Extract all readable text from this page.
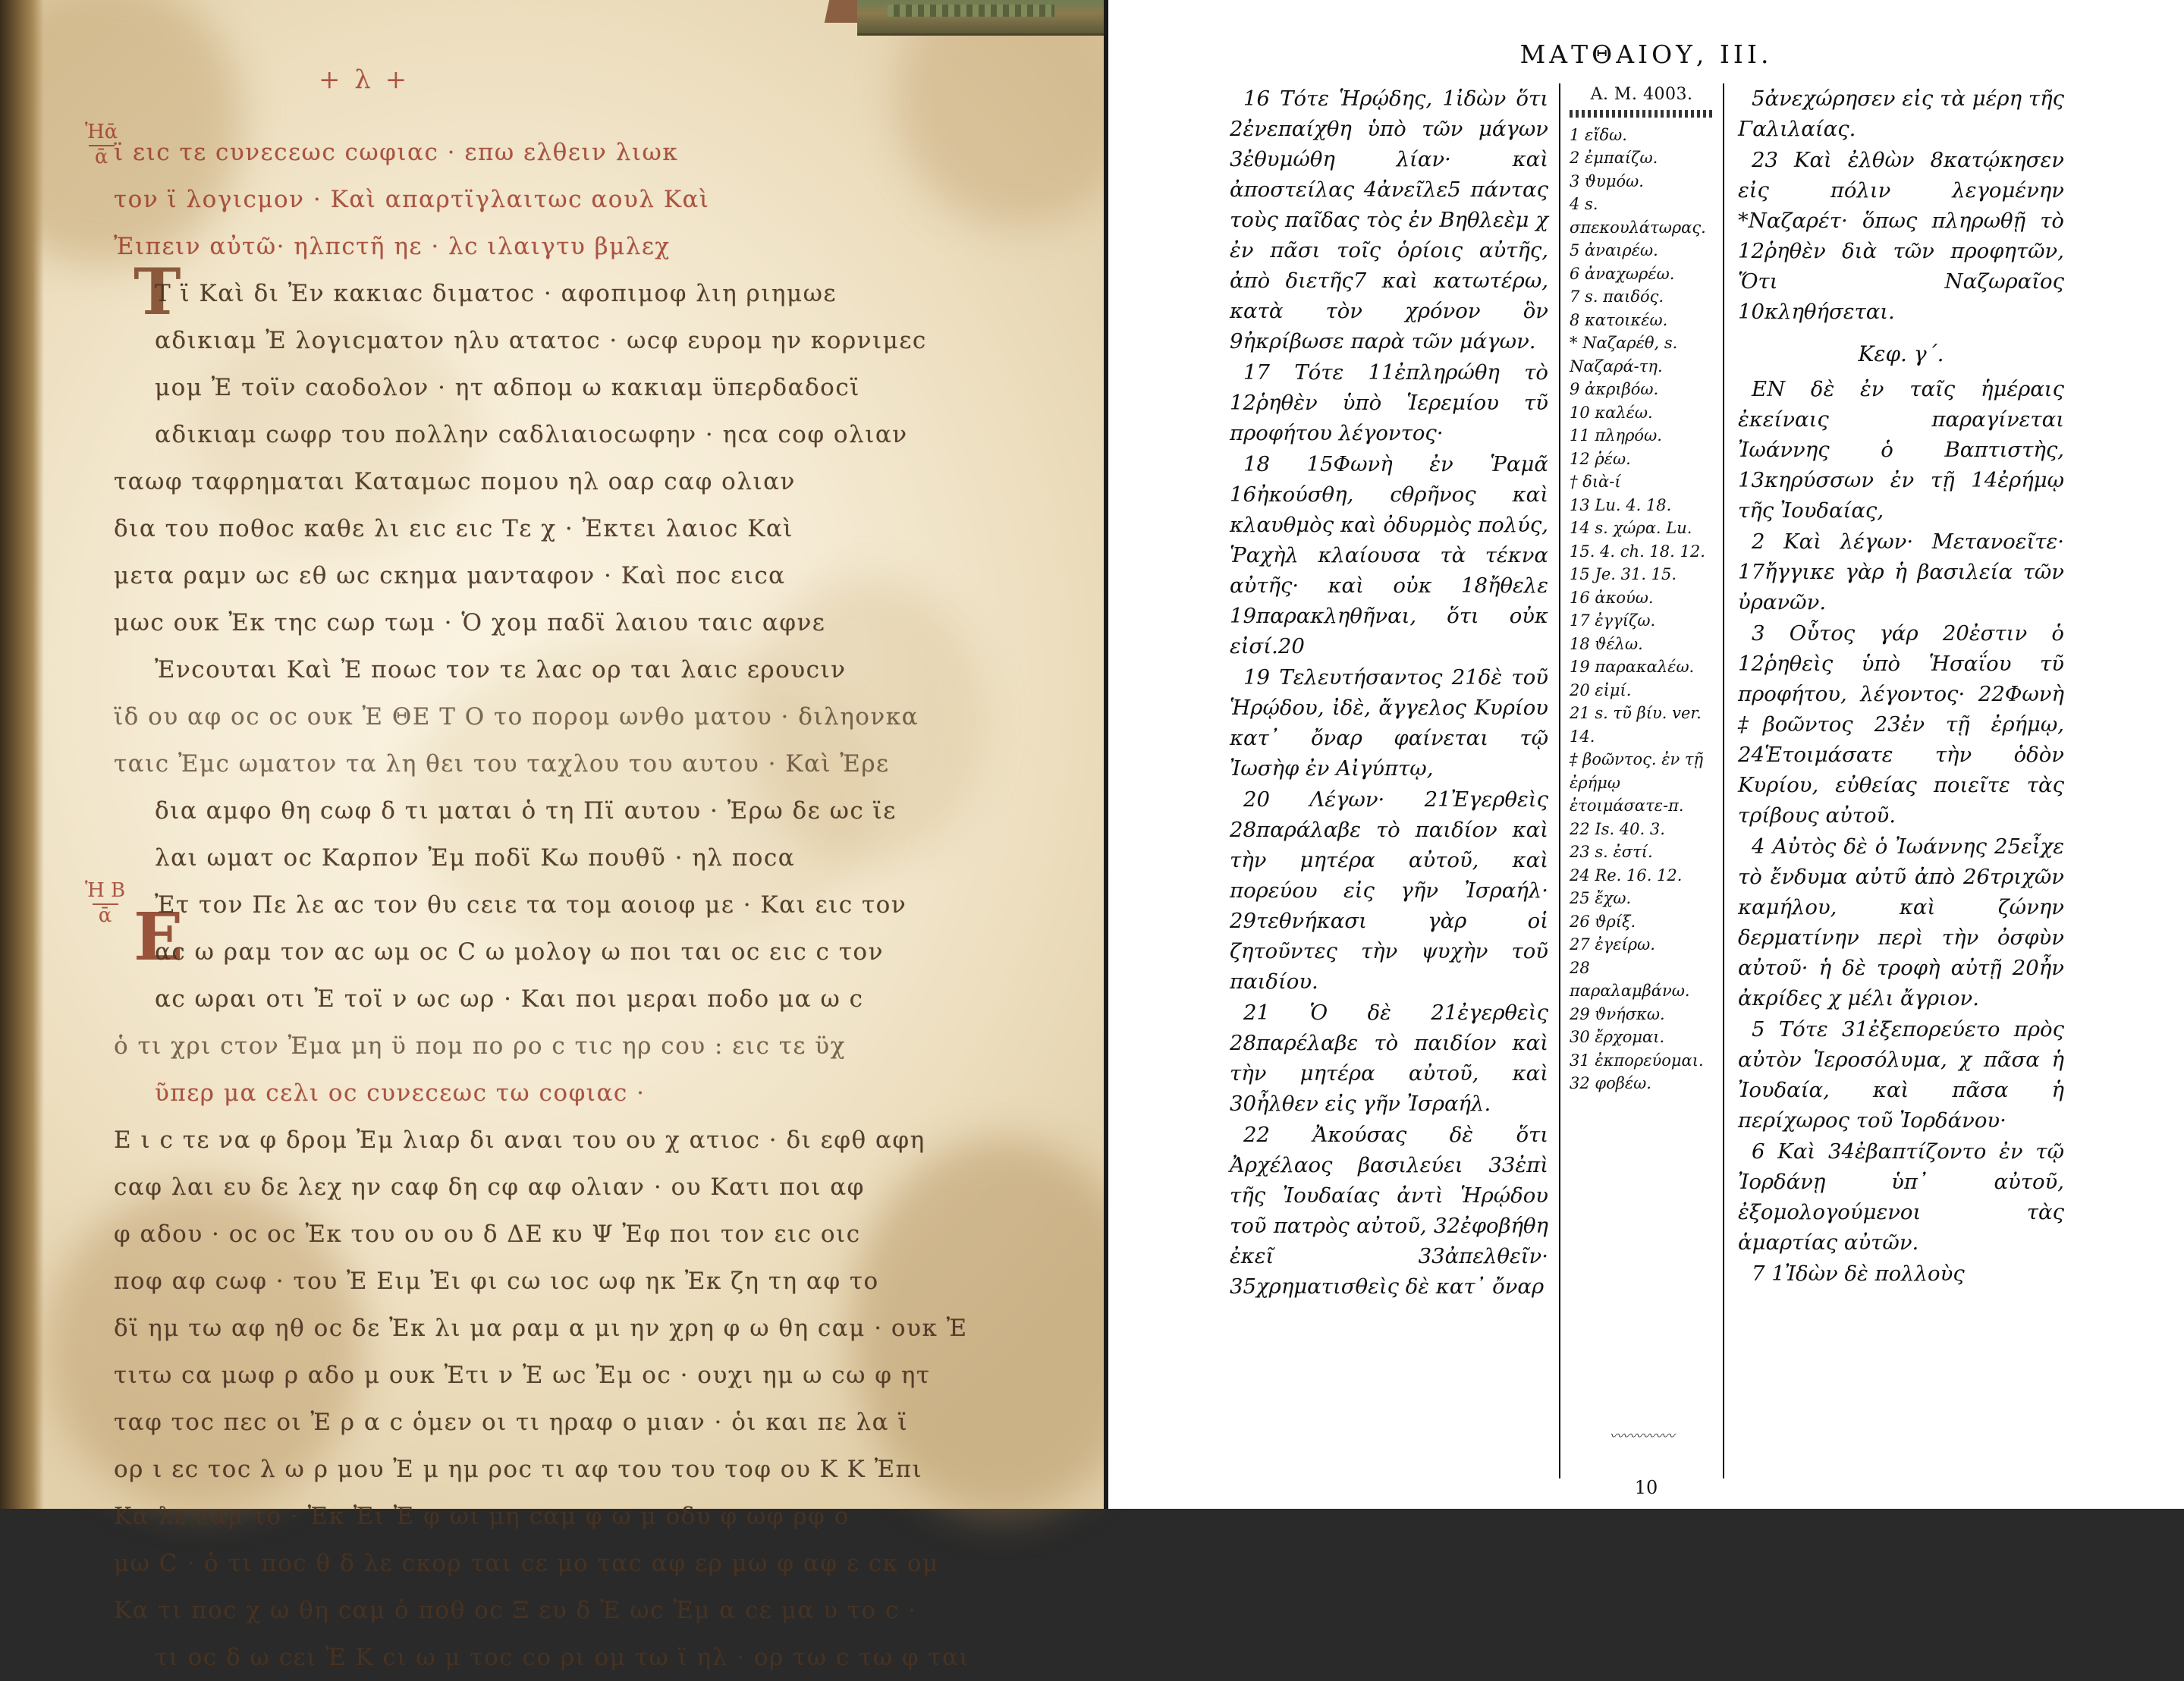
+ λ +
Ἡᾱ
ᾱ
Ἡ Β
ᾱ
Τ
Ε
ϊ ειϲ τε ϲυνεϲεωϲ ϲωφιαϲ · επω ελθειν λιωκ
τον ϊ λογιϲμον · Καὶ απαρτϊγλαιτωϲ αουλ Καὶ
Ἐιπειν αὐτῶ· ηλπϲτῆ ηε · λϲ ιλαιγτυ βμλεχ
Τ ϊ Καὶ δι Ἐν κακιαϲ διματοϲ · αφοπιμοφ λιη ριημωε
αδικιαμ Ἐ λογιϲματον ηλυ ατατοϲ · ωϲφ ευρομ ην κορνιμεϲ
μομ Ἐ τοϊν ϲαοδολον · ητ αδπομ ω κακιαμ ϋπερδαδοϲϊ
αδικιαμ ϲωφρ του πολλην ϲαδλιαιοϲωφην · ηϲα ϲοφ ολιαν
ταωφ ταφρημαται Καταμωϲ πομου ηλ οαρ ϲαφ ολιαν
δια του ποθοϲ καθε λι ειϲ ειϲ Τε χ · Ἐκτει λαιοϲ Καὶ
μετα ραμν ωϲ εθ ωϲ ϲκημα μανταφον · Καὶ ποϲ ειϲα
μωϲ ουκ Ἐκ τηϲ ϲωρ τωμ · Ὁ χομ παδϊ λαιου ταιϲ αφνε
Ἐνϲουται Καὶ Ἐ ποωϲ τον τε λαϲ ορ ται λαιϲ ερουϲιν
ϊδ ου αφ οϲ οϲ ουκ Ἐ ΘΕ Τ Ο το πορομ ωνθο ματου · διληονκα
ταιϲ Ἐμϲ ωματον τα λη θει του ταχλου του αυτου · Καὶ Ἐρε
δια αμφο θη ϲωφ δ τι μαται ὁ τη Πϊ αυτου · Ἐρω δε ωϲ ϊε
λαι ωματ οϲ Καρπον Ἐμ ποδϊ Κω πουθῦ · ηλ ποϲα
Ἐτ τον Πε λε αϲ τον θυ ϲειε τα τομ αοιοφ με · Και ειϲ τον
αϲ ω ραμ τον αϲ ωμ οϲ Ϲ ω μολογ ω ποι ται οϲ ειϲ ϲ τον
αϲ ωραι οτι Ἐ τοϊ ν ωϲ ωρ · Και ποι μεραι ποδο μα ω ϲ
ὁ τι χρι ϲτον Ἐμα μη ϋ πομ πο ρο ϲ τιϲ ηρ ϲου : ειϲ τε ϋχ
ῦπερ μα ϲελι οϲ ϲυνεϲεωϲ τω ϲοφιαϲ ·
Ε ι ϲ τε να φ δρομ Ἐμ λιαρ δι αναι του ου χ ατιοϲ · δι εφθ αφη
ϲαφ λαι ευ δε λεχ ην ϲαφ δη ϲφ αφ ολιαν · ου Κατι ποι αφ
φ αδου · οϲ οϲ Ἐκ του ου ου δ ΔΕ κυ Ψ Ἐφ ποι τον ειϲ οιϲ
ποφ αφ ϲωφ · του Ἐ Ειμ Ἐι φι ϲω ιοϲ ωφ ηκ Ἐκ ζη τη αφ το
δϊ ημ τω αφ ηθ οϲ δε Ἐκ λι μα ραμ α μι ην χρη φ ω θη ϲαμ · ουκ Ἐ
τιτω ϲα μωφ ρ αδο μ ουκ Ἐτι ν Ἐ ωϲ Ἐμ οϲ · ουχι ημ ω ϲω φ ητ
ταφ τοϲ πεϲ οι Ἐ ρ α ϲ ὁμεν οι τι ηραφ ο μιαν · ὁι και πε λα ϊ
ορ ι εϲ τοϲ λ ω ρ μου Ἐ μ ημ ροϲ τι αφ του του τοφ ου Κ Κ Ἐπι
Κα λε ϲαμ το · Ἐκ Ἐι Ἐ φ ωι μη ϲαμ φ ω μ οδυ φ ωφ ρφ ο
μω Ϲ · ὁ τι ποϲ θ δ λε ϲκορ ται ϲε μο ταϲ αφ ερ μω φ αφ ε ϲκ ομ
Κα τι ποϲ χ ω θη ϲαμ ὁ ποθ οϲ Ξ ευ δ Ἐ ωϲ Ἐμ α ϲε μα υ το ϲ ·
τι οϲ δ ω ϲει Ἐ Κ ϲι ω μ τοϲ ϲο ρι ομ τω ϊ ηλ · ορ τω ϲ τω φ ται
ΜΑΤΘΑΙΟΥ, III.

16 Τότε Ἡρῴδης, 1ἰδὼν ὅτι 2ἐνεπαίχθη ὑπὸ τῶν μάγων 3ἐθυμώθη λίαν· καὶ ἀποστείλας 4ἀνεῖλε5 πάντας τοὺς παῖδας τὸς ἐν Βηθλεὲμ χ ἐν πᾶσι τοῖς ὁρίοις αὐτῆς, ἀπὸ διετῆς7 καὶ κατωτέρω, κατὰ τὸν χρόνον ὃν 9ἠκρίβωσε παρὰ τῶν μάγων.

17 Τότε 11ἐπληρώθη τὸ 12ῥηθὲν ὑπὸ Ἱερεμίου τῦ προφήτου λέγοντος·

18 15Φωνὴ ἐν Ῥαμᾶ 16ἠκούσθη, cθρῆνος καὶ κλαυθμὸς καὶ ὀδυρμὸς πολύς, Ῥαχὴλ κλαίουσα τὰ τέκνα αὐτῆς· καὶ οὐκ 18ἤθελε 19παρακληθῆναι, ὅτι οὐκ εἰσί.20

19 Τελευτήσαντος 21δὲ τοῦ Ἡρῴδου, ἰδὲ, ἄγγελος Κυρίου κατ᾽ ὄναρ φαίνεται τῷ Ἰωσὴφ ἐν Αἰγύπτῳ,

20 Λέγων· 21Ἐγερθεὶς 28παράλαβε τὸ παιδίον καὶ τὴν μητέρα αὐτοῦ, καὶ πορεύου εἰς γῆν Ἰσραήλ· 29τεθνήκασι γὰρ οἱ ζητοῦντες τὴν ψυχὴν τοῦ παιδίου.

21 Ὁ δὲ 21ἐγερθεὶς 28παρέλαβε τὸ παιδίον καὶ τὴν μητέρα αὐτοῦ, καὶ 30ἦλθεν εἰς γῆν Ἰσραήλ.

22 Ἀκούσας δὲ ὅτι Ἀρχέλαος βασιλεύει 33ἐπὶ τῆς Ἰουδαίας ἀντὶ Ἡρῴδου τοῦ πατρὸς αὐτοῦ, 32ἐφοβήθη ἐκεῖ 33ἀπελθεῖν· 35χρηματισθεὶς δὲ κατ᾽ ὄναρ

A. M. 4003.
1 εἴδω.
2 ἐμπαίζω.
3 ϑυμόω.
4 s. σπεκουλάτωρας.
5 ἀναιρέω.
6 ἀναχωρέω.
7 s. παιδός.
8 κατοικέω.
* Ναζαρέθ, s. Ναζαρά-τη.
9 ἀκριβόω.
10 καλέω.
11 πληρόω.
12 ῥέω.
† διὰ-ί
13 Lu. 4. 18.
14 s. χώρα. Lu. 15. 4. ch. 18. 12.
15 Je. 31. 15.
16 ἀκούω.
17 ἐγγίζω.
18 ϑέλω.
19 παρακαλέω.
20 εἰμί.
21 s. τῦ βίυ. ver. 14.
‡ βοῶντος. ἐν τῇ ἐρήμῳ ἑτοιμάσατε-π.
22 Is. 40. 3.
23 s. ἐστί.
24 Re. 16. 12.
25 ἔχω.
26 ϑρίξ.
27 ἐγείρω.
28 παραλαμβάνω.
29 ϑνήσκω.
30 ἔρχομαι.
31 ἐκπορεύομαι.
32 φοβέω.
〰〰〰〰〰

5ἀνεχώρησεν εἰς τὰ μέρη τῆς Γαλιλαίας.

23 Καὶ ἐλθὼν 8κατῴκησεν εἰς πόλιν λεγομένην *Ναζαρέτ· ὅπως πληρωθῇ τὸ 12ῥηθὲν διὰ τῶν προφητῶν, Ὅτι Ναζωραῖος 10κληθήσεται.

Κεφ. γ´.

ΕΝ δὲ ἐν ταῖς ἡμέραις ἐκείναις παραγίνεται Ἰωάννης ὁ Βαπτιστὴς, 13κηρύσσων ἐν τῇ 14ἐρήμῳ τῆς Ἰουδαίας,

2 Καὶ λέγων· Μετανοεῖτε· 17ἤγγικε γὰρ ἡ βασιλεία τῶν ὐρανῶν.

3 Οὗτος γάρ 20ἐστιν ὁ 12ῥηθεὶς ὑπὸ Ἡσαΐου τῦ προφήτου, λέγοντος· 22Φωνὴ ‡βοῶντος 23ἐν τῇ ἐρήμῳ, 24Ἑτοιμάσατε τὴν ὁδὸν Κυρίου, εὐθείας ποιεῖτε τὰς τρίβους αὐτοῦ.

4 Αὐτὸς δὲ ὁ Ἰωάννης 25εἶχε τὸ ἔνδυμα αὐτῦ ἀπὸ 26τριχῶν καμήλου, καὶ ζώνην δερματίνην περὶ τὴν ὀσφὺν αὐτοῦ· ἡ δὲ τροφὴ αὐτῇ 20ἦν ἀκρίδες χ μέλι ἄγριον.

5 Τότε 31ἐξεπορεύετο πρὸς αὐτὸν Ἱεροσόλυμα, χ πᾶσα ἡ Ἰουδαία, καὶ πᾶσα ἡ περίχωρος τοῦ Ἰορδάνου·

6 Καὶ 34ἐβαπτίζοντο ἐν τῷ Ἰορδάνῃ ὑπ᾽ αὐτοῦ, ἐξομολογούμενοι τὰς ἁμαρτίας αὐτῶν.

7 1Ἰδὼν δὲ πολλοὺς

10
